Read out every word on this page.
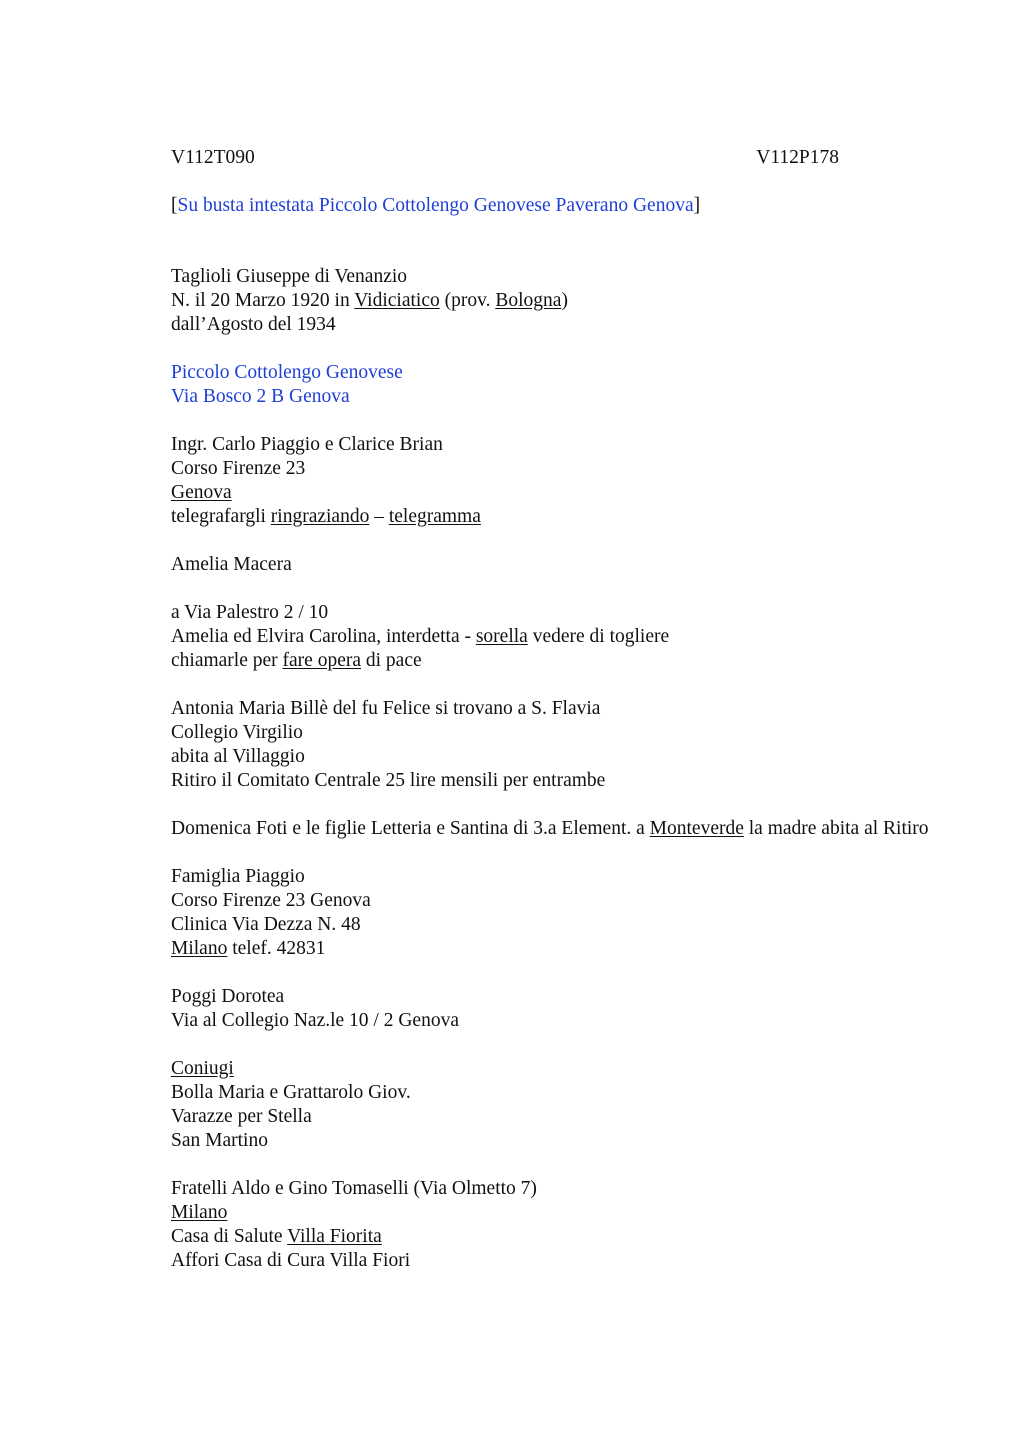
V112T090	V112P178
[Su busta intestata Piccolo Cottolengo Genovese Paverano Genova]
Taglioli Giuseppe di Venanzio
N. il 20 Marzo 1920 in Vidiciatico (prov. Bologna)
dall’Agosto del 1934
Piccolo Cottolengo Genovese
Via Bosco 2 B Genova
Ingr. Carlo Piaggio e Clarice Brian
Corso Firenze 23
Genova
telegrafargli ringraziando – telegramma
Amelia Macera
a Via Palestro 2 / 10
Amelia ed Elvira Carolina, interdetta - sorella vedere di togliere
chiamarle per fare opera di pace
Antonia Maria Billè del fu Felice si trovano a S. Flavia
Collegio Virgilio
abita al Villaggio
Ritiro il Comitato Centrale 25 lire mensili per entrambe
Domenica Foti e le figlie Letteria e Santina di 3.a Element. a Monteverde la madre abita al Ritiro
Famiglia Piaggio
Corso Firenze 23 Genova
Clinica Via Dezza N. 48
Milano telef. 42831
Poggi Dorotea
Via al Collegio Naz.le 10 / 2 Genova
Coniugi
Bolla Maria e Grattarolo Giov.
Varazze per Stella
San Martino
Fratelli Aldo e Gino Tomaselli (Via Olmetto 7)
Milano
Casa di Salute Villa Fiorita
Affori Casa di Cura Villa Fiori
